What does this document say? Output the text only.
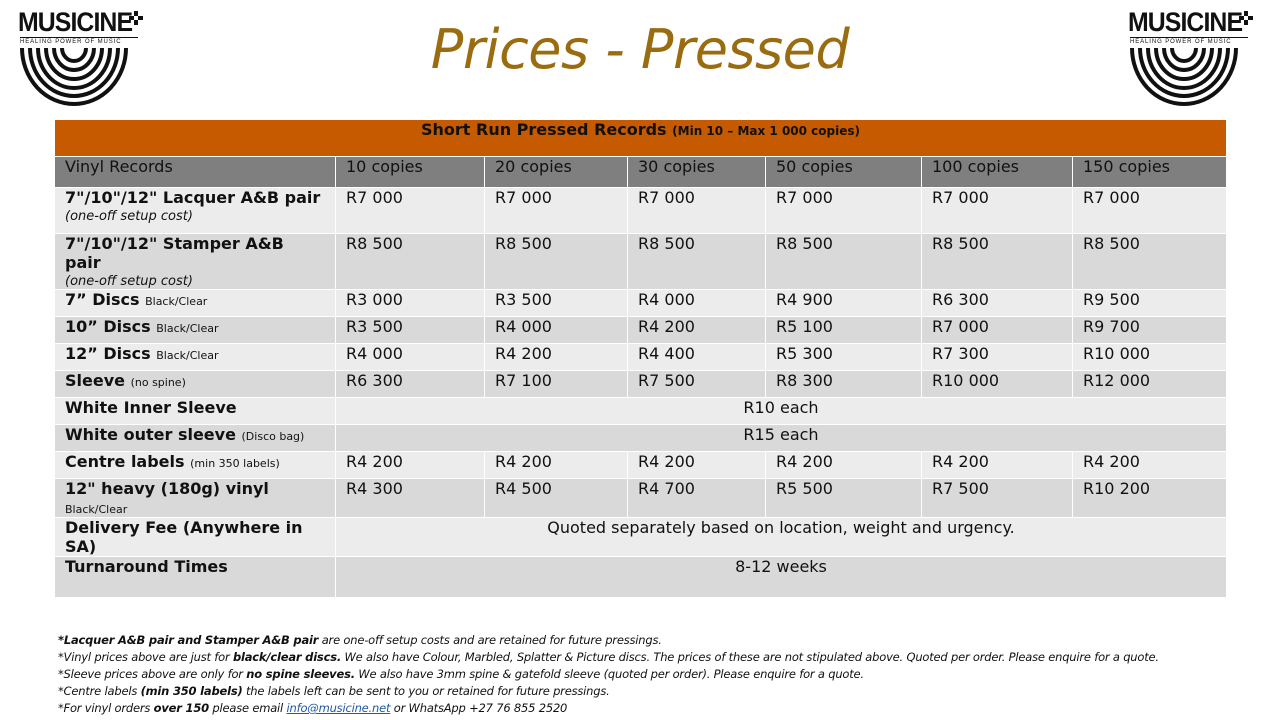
MUSICINE
HEALING POWER OF MUSIC
MUSICINE
HEALING POWER OF MUSIC
Prices - Pressed
Short Run Pressed Records (Min 10 – Max 1 000 copies)						
Vinyl Records	10 copies	20 copies	30 copies	50 copies	100 copies	150 copies
7"/10"/12" Lacquer A&B pair
(one-off setup cost)	R7 000	R7 000	R7 000	R7 000	R7 000	R7 000
7"/10"/12" Stamper A&B pair
(one-off setup cost)	R8 500	R8 500	R8 500	R8 500	R8 500	R8 500
7” Discs Black/Clear	R3 000	R3 500	R4 000	R4 900	R6 300	R9 500
10” Discs Black/Clear	R3 500	R4 000	R4 200	R5 100	R7 000	R9 700
12” Discs Black/Clear	R4 000	R4 200	R4 400	R5 300	R7 300	R10 000
Sleeve (no spine)	R6 300	R7 100	R7 500	R8 300	R10 000	R12 000
White Inner Sleeve	R10 each					
White outer sleeve (Disco bag)	R15 each					
Centre labels (min 350 labels)	R4 200	R4 200	R4 200	R4 200	R4 200	R4 200
12" heavy (180g) vinyl Black/Clear	R4 300	R4 500	R4 700	R5 500	R7 500	R10 200
Delivery Fee (Anywhere in SA)	Quoted separately based on location, weight and urgency.					
Turnaround Times	8-12 weeks					
*Lacquer A&B pair and Stamper A&B pair are one-off setup costs and are retained for future pressings.
*Vinyl prices above are just for black/clear discs. We also have Colour, Marbled, Splatter & Picture discs. The prices of these are not stipulated above. Quoted per order. Please enquire for a quote.
*Sleeve prices above are only for no spine sleeves. We also have 3mm spine & gatefold sleeve (quoted per order). Please enquire for a quote.
*Centre labels (min 350 labels) the labels left can be sent to you or retained for future pressings.
*For vinyl orders over 150 please email info@musicine.net or WhatsApp +27 76 855 2520
